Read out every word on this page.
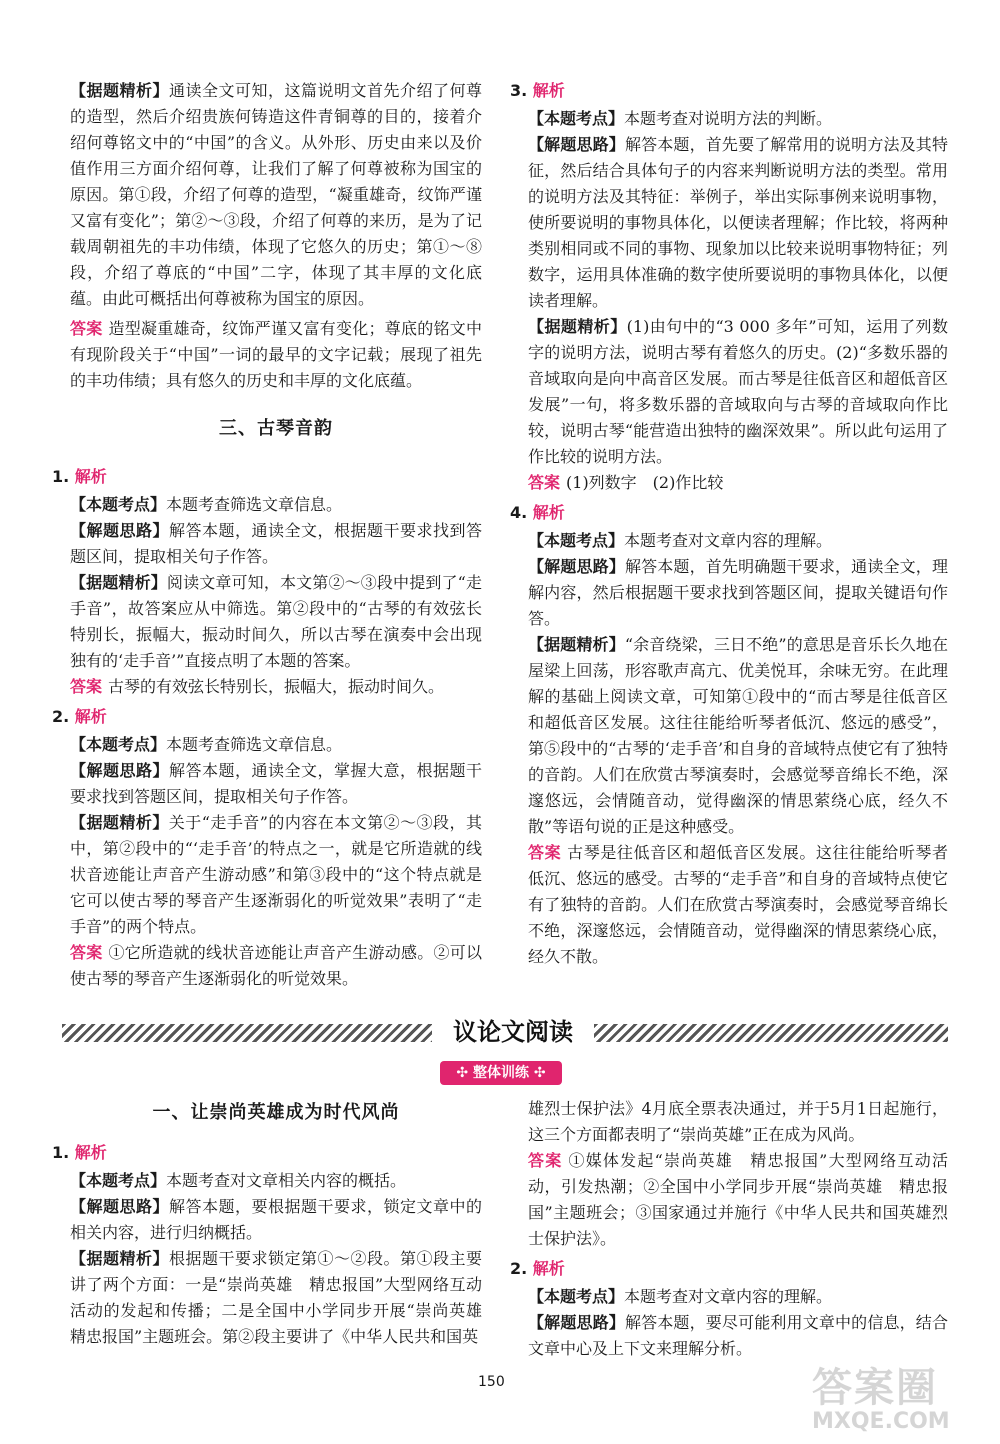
【据题精析】通读全文可知，这篇说明文首先介绍了何尊的造型，然后介绍贵族何铸造这件青铜尊的目的，接着介绍何尊铭文中的“中国”的含义。从外形、历史由来以及价值作用三方面介绍何尊，让我们了解了何尊被称为国宝的原因。第①段，介绍了何尊的造型，“凝重雄奇，纹饰严谨又富有变化”；第②～③段，介绍了何尊的来历，是为了记载周朝祖先的丰功伟绩，体现了它悠久的历史；第①～⑧段，介绍了尊底的“中国”二字，体现了其丰厚的文化底蕴。由此可概括出何尊被称为国宝的原因。

答案 造型凝重雄奇，纹饰严谨又富有变化；尊底的铭文中有现阶段关于“中国”一词的最早的文字记载；展现了祖先的丰功伟绩；具有悠久的历史和丰厚的文化底蕴。

三、古琴音韵
1. 解析

【本题考点】本题考查筛选文章信息。

【解题思路】解答本题，通读全文，根据题干要求找到答题区间，提取相关句子作答。

【据题精析】阅读文章可知，本文第②～③段中提到了“走手音”，故答案应从中筛选。第②段中的“古琴的有效弦长特别长，振幅大，振动时间久，所以古琴在演奏中会出现独有的‘走手音’”直接点明了本题的答案。

答案 古琴的有效弦长特别长，振幅大，振动时间久。

2. 解析

【本题考点】本题考查筛选文章信息。

【解题思路】解答本题，通读全文，掌握大意，根据题干要求找到答题区间，提取相关句子作答。

【据题精析】关于“走手音”的内容在本文第②～③段，其中，第②段中的“‘走手音’的特点之一，就是它所造就的线状音迹能让声音产生游动感”和第③段中的“这个特点就是它可以使古琴的琴音产生逐渐弱化的听觉效果”表明了“走手音”的两个特点。

答案 ①它所造就的线状音迹能让声音产生游动感。②可以使古琴的琴音产生逐渐弱化的听觉效果。

3. 解析

【本题考点】本题考查对说明方法的判断。

【解题思路】解答本题，首先要了解常用的说明方法及其特征，然后结合具体句子的内容来判断说明方法的类型。常用的说明方法及其特征：举例子，举出实际事例来说明事物，使所要说明的事物具体化，以便读者理解；作比较，将两种类别相同或不同的事物、现象加以比较来说明事物特征；列数字，运用具体准确的数字使所要说明的事物具体化，以便读者理解。

【据题精析】(1)由句中的“3 000 多年”可知，运用了列数字的说明方法，说明古琴有着悠久的历史。(2)“多数乐器的音域取向是向中高音区发展。而古琴是往低音区和超低音区发展”一句，将多数乐器的音域取向与古琴的音域取向作比较，说明古琴“能营造出独特的幽深效果”。所以此句运用了作比较的说明方法。

答案 (1)列数字　(2)作比较

4. 解析

【本题考点】本题考查对文章内容的理解。

【解题思路】解答本题，首先明确题干要求，通读全文，理解内容，然后根据题干要求找到答题区间，提取关键语句作答。

【据题精析】“余音绕梁，三日不绝”的意思是音乐长久地在屋梁上回荡，形容歌声高亢、优美悦耳，余味无穷。在此理解的基础上阅读文章，可知第①段中的“而古琴是往低音区和超低音区发展。这往往能给听琴者低沉、悠远的感受”，第⑤段中的“古琴的‘走手音’和自身的音域特点使它有了独特的音韵。人们在欣赏古琴演奏时，会感觉琴音绵长不绝，深邃悠远，会情随音动，觉得幽深的情思萦绕心底，经久不散”等语句说的正是这种感受。

答案 古琴是往低音区和超低音区发展。这往往能给听琴者低沉、悠远的感受。古琴的“走手音”和自身的音域特点使它有了独特的音韵。人们在欣赏古琴演奏时，会感觉琴音绵长不绝，深邃悠远，会情随音动，觉得幽深的情思萦绕心底，经久不散。

议论文阅读
✣ 整体训练 ✣
一、让崇尚英雄成为时代风尚
1. 解析

【本题考点】本题考查对文章相关内容的概括。

【解题思路】解答本题，要根据题干要求，锁定文章中的相关内容，进行归纳概括。

【据题精析】根据题干要求锁定第①～②段。第①段主要讲了两个方面：一是“崇尚英雄　精忠报国”大型网络互动活动的发起和传播；二是全国中小学同步开展“崇尚英雄　精忠报国”主题班会。第②段主要讲了《中华人民共和国英

雄烈士保护法》4月底全票表决通过，并于5月1日起施行，这三个方面都表明了“崇尚英雄”正在成为风尚。

答案 ①媒体发起“崇尚英雄　精忠报国”大型网络互动活动，引发热潮；②全国中小学同步开展“崇尚英雄　精忠报国”主题班会；③国家通过并施行《中华人民共和国英雄烈士保护法》。

2. 解析

【本题考点】本题考查对文章内容的理解。

【解题思路】解答本题，要尽可能利用文章中的信息，结合文章中心及上下文来理解分析。

150	答案圈
MXQE.COM
